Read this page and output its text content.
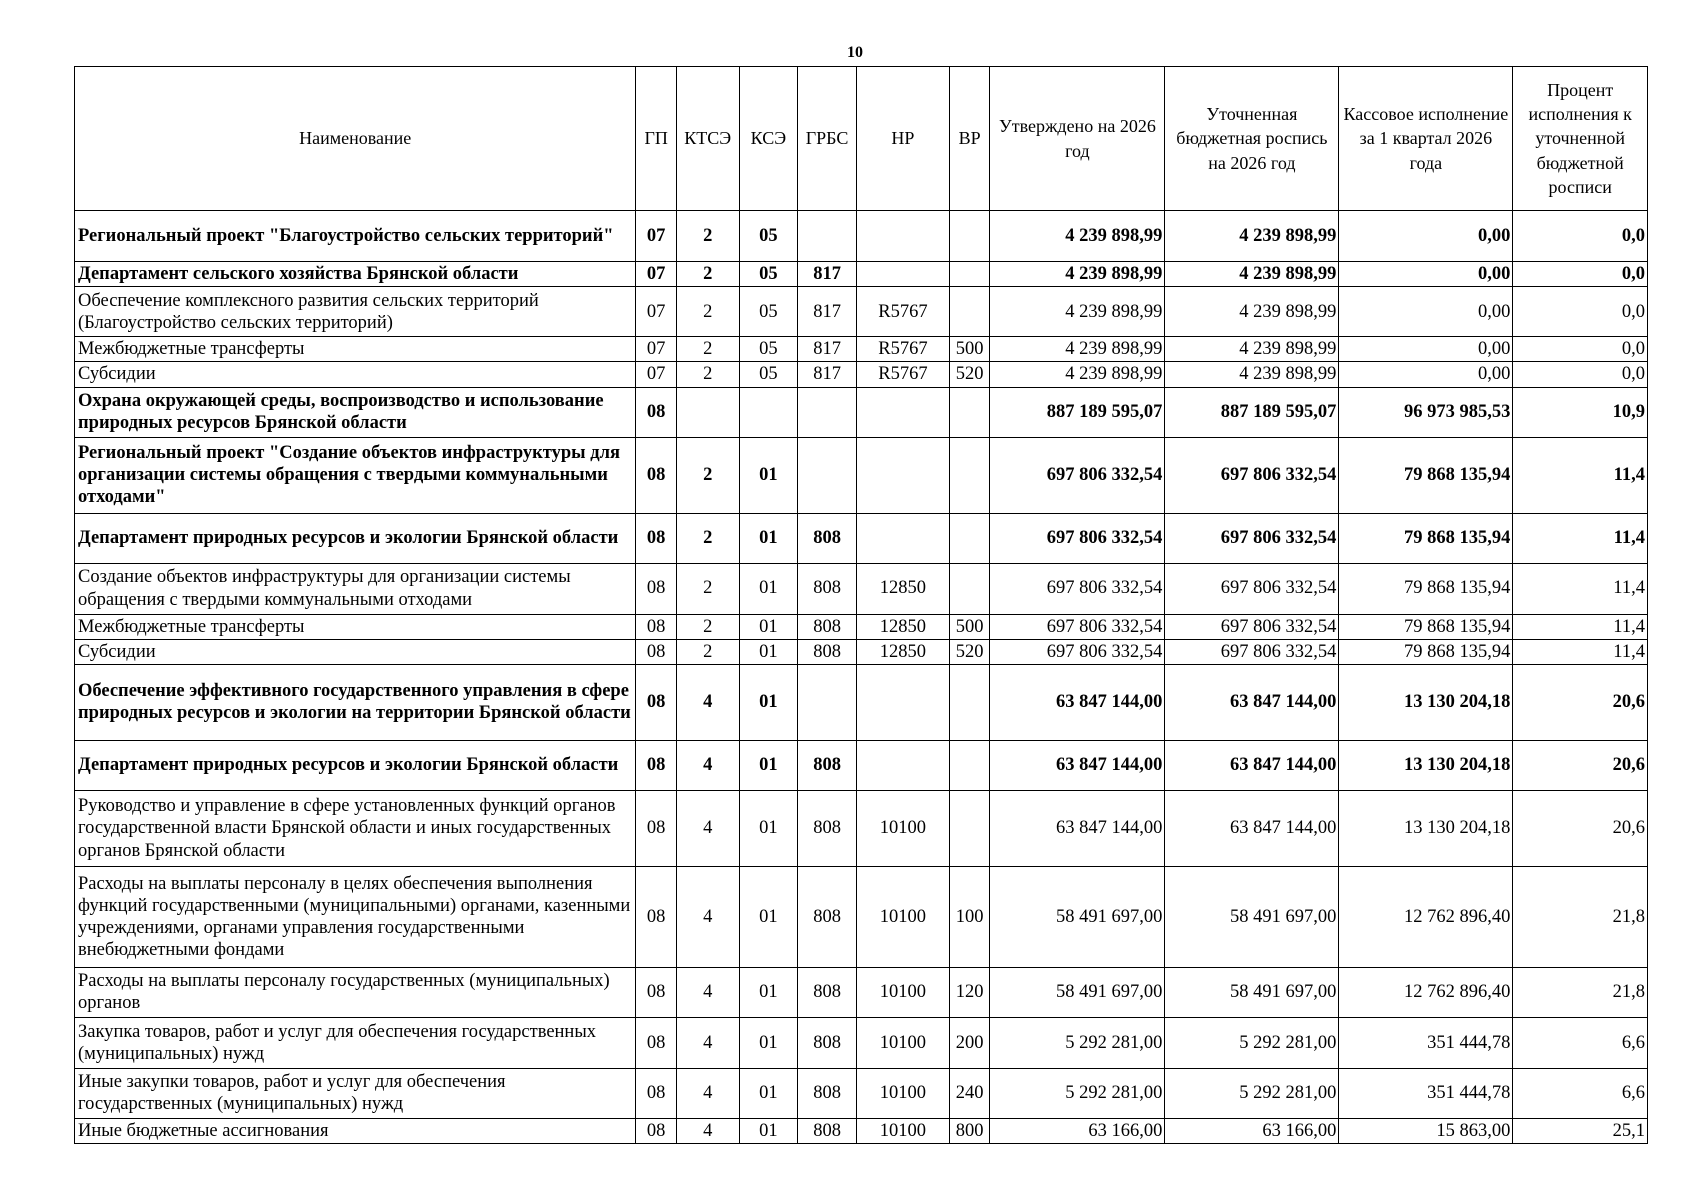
10
Наименование	ГП	КТСЭ	КСЭ	ГРБС	НР	ВР	Утверждено на 2026 год	Уточненная бюджетная роспись на 2026 год	Кассовое исполнение за 1 квартал 2026 года	Процент исполнения к уточненной бюджетной росписи
Региональный проект "Благоустройство сельских территорий"	07	2	05				4 239 898,99	4 239 898,99	0,00	0,0
Департамент сельского хозяйства Брянской области	07	2	05	817			4 239 898,99	4 239 898,99	0,00	0,0
Обеспечение комплексного развития сельских территорий (Благоустройство сельских территорий)	07	2	05	817	R5767		4 239 898,99	4 239 898,99	0,00	0,0
Межбюджетные трансферты	07	2	05	817	R5767	500	4 239 898,99	4 239 898,99	0,00	0,0
Субсидии	07	2	05	817	R5767	520	4 239 898,99	4 239 898,99	0,00	0,0
Охрана окружающей среды, воспроизводство и использование природных ресурсов Брянской области	08						887 189 595,07	887 189 595,07	96 973 985,53	10,9
Региональный проект "Создание объектов инфраструктуры для организации системы обращения с твердыми коммунальными отходами"	08	2	01				697 806 332,54	697 806 332,54	79 868 135,94	11,4
Департамент природных ресурсов и экологии Брянской области	08	2	01	808			697 806 332,54	697 806 332,54	79 868 135,94	11,4
Создание объектов инфраструктуры для организации системы обращения с твердыми коммунальными отходами	08	2	01	808	12850		697 806 332,54	697 806 332,54	79 868 135,94	11,4
Межбюджетные трансферты	08	2	01	808	12850	500	697 806 332,54	697 806 332,54	79 868 135,94	11,4
Субсидии	08	2	01	808	12850	520	697 806 332,54	697 806 332,54	79 868 135,94	11,4
Обеспечение эффективного государственного управления в сфере природных ресурсов и экологии на территории Брянской области	08	4	01				63 847 144,00	63 847 144,00	13 130 204,18	20,6
Департамент природных ресурсов и экологии Брянской области	08	4	01	808			63 847 144,00	63 847 144,00	13 130 204,18	20,6
Руководство и управление в сфере установленных функций органов государственной власти Брянской области и иных государственных органов Брянской области	08	4	01	808	10100		63 847 144,00	63 847 144,00	13 130 204,18	20,6
Расходы на выплаты персоналу в целях обеспечения выполнения функций государственными (муниципальными) органами, казенными учреждениями, органами управления государственными внебюджетными фондами	08	4	01	808	10100	100	58 491 697,00	58 491 697,00	12 762 896,40	21,8
Расходы на выплаты персоналу государственных (муниципальных) органов	08	4	01	808	10100	120	58 491 697,00	58 491 697,00	12 762 896,40	21,8
Закупка товаров, работ и услуг для обеспечения государственных (муниципальных) нужд	08	4	01	808	10100	200	5 292 281,00	5 292 281,00	351 444,78	6,6
Иные закупки товаров, работ и услуг для обеспечения государственных (муниципальных) нужд	08	4	01	808	10100	240	5 292 281,00	5 292 281,00	351 444,78	6,6
Иные бюджетные ассигнования	08	4	01	808	10100	800	63 166,00	63 166,00	15 863,00	25,1
